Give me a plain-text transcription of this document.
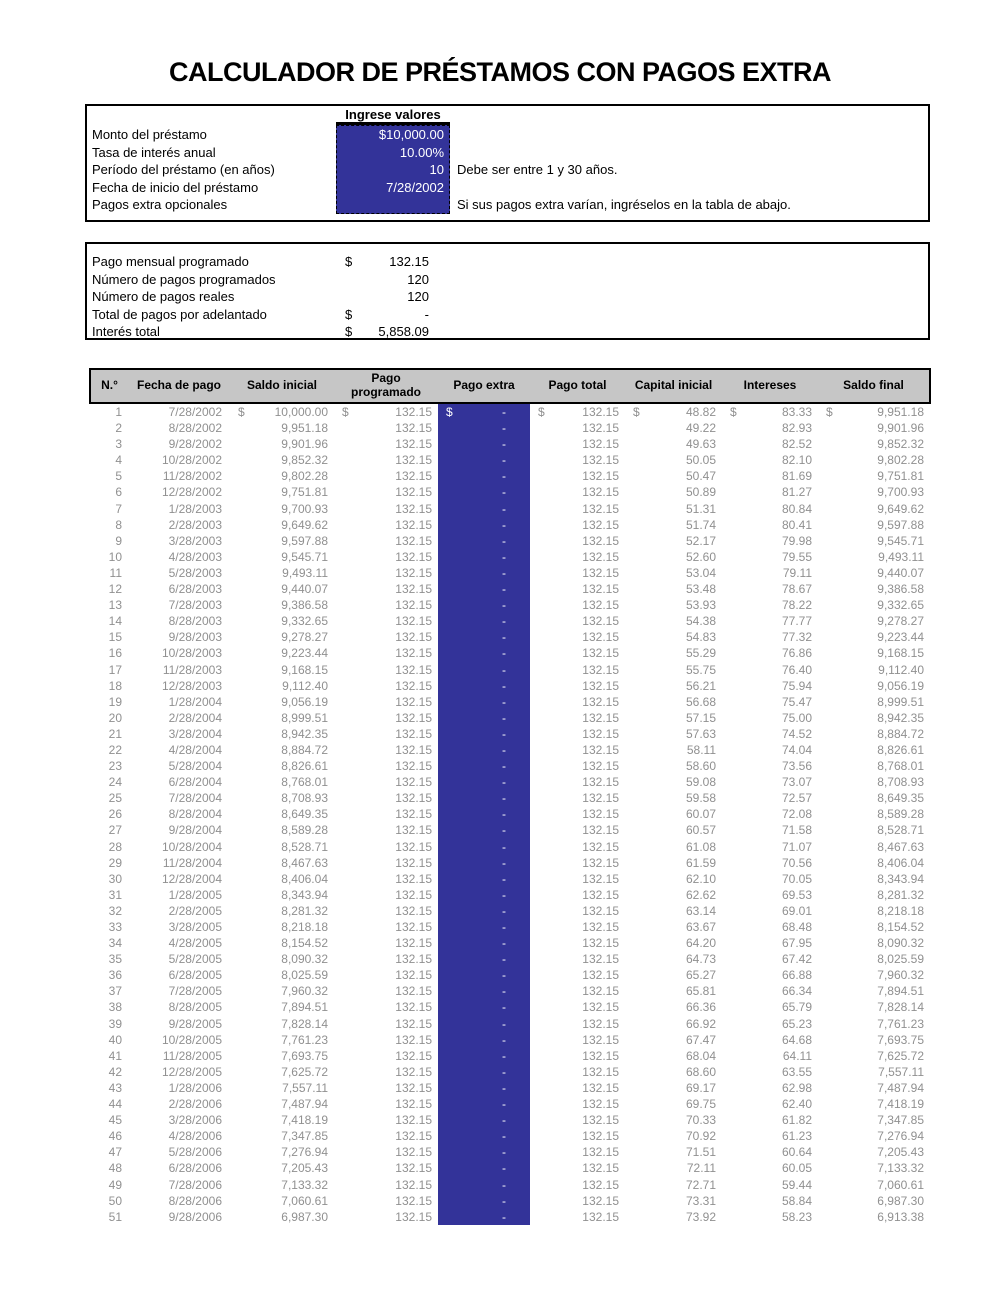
CALCULADOR DE PRÉSTAMOS CON PAGOS EXTRA
Ingrese valores
Monto del préstamo	$10,000.00
Tasa de interés anual	10.00%
Período del préstamo (en años)	10 Debe ser entre 1 y 30 años.
Fecha de inicio del préstamo	7/28/2002
Pagos extra opcionales	Si sus pagos extra varían, ingréselos en la tabla de abajo.
Pago mensual programado	$	132.15
Número de pagos programados	120
Número de pagos reales	120
Total de pagos por adelantado	$	-
Interés total	$	5,858.09
N.°	Fecha de pago	Saldo inicial	Pago programado	Pago extra	Pago total	Capital inicial	Intereses	Saldo final
1	7/28/2002	$ 10,000.00	$ 132.15	$ -	$ 132.15	$ 48.82	$ 83.33	$ 9,951.18
2	8/28/2002	9,951.18	132.15	-	132.15	49.22	82.93	9,901.96
3	9/28/2002	9,901.96	132.15	-	132.15	49.63	82.52	9,852.32
4	10/28/2002	9,852.32	132.15	-	132.15	50.05	82.10	9,802.28
5	11/28/2002	9,802.28	132.15	-	132.15	50.47	81.69	9,751.81
6	12/28/2002	9,751.81	132.15	-	132.15	50.89	81.27	9,700.93
7	1/28/2003	9,700.93	132.15	-	132.15	51.31	80.84	9,649.62
8	2/28/2003	9,649.62	132.15	-	132.15	51.74	80.41	9,597.88
9	3/28/2003	9,597.88	132.15	-	132.15	52.17	79.98	9,545.71
10	4/28/2003	9,545.71	132.15	-	132.15	52.60	79.55	9,493.11
11	5/28/2003	9,493.11	132.15	-	132.15	53.04	79.11	9,440.07
12	6/28/2003	9,440.07	132.15	-	132.15	53.48	78.67	9,386.58
13	7/28/2003	9,386.58	132.15	-	132.15	53.93	78.22	9,332.65
14	8/28/2003	9,332.65	132.15	-	132.15	54.38	77.77	9,278.27
15	9/28/2003	9,278.27	132.15	-	132.15	54.83	77.32	9,223.44
16	10/28/2003	9,223.44	132.15	-	132.15	55.29	76.86	9,168.15
17	11/28/2003	9,168.15	132.15	-	132.15	55.75	76.40	9,112.40
18	12/28/2003	9,112.40	132.15	-	132.15	56.21	75.94	9,056.19
19	1/28/2004	9,056.19	132.15	-	132.15	56.68	75.47	8,999.51
20	2/28/2004	8,999.51	132.15	-	132.15	57.15	75.00	8,942.35
21	3/28/2004	8,942.35	132.15	-	132.15	57.63	74.52	8,884.72
22	4/28/2004	8,884.72	132.15	-	132.15	58.11	74.04	8,826.61
23	5/28/2004	8,826.61	132.15	-	132.15	58.60	73.56	8,768.01
24	6/28/2004	8,768.01	132.15	-	132.15	59.08	73.07	8,708.93
25	7/28/2004	8,708.93	132.15	-	132.15	59.58	72.57	8,649.35
26	8/28/2004	8,649.35	132.15	-	132.15	60.07	72.08	8,589.28
27	9/28/2004	8,589.28	132.15	-	132.15	60.57	71.58	8,528.71
28	10/28/2004	8,528.71	132.15	-	132.15	61.08	71.07	8,467.63
29	11/28/2004	8,467.63	132.15	-	132.15	61.59	70.56	8,406.04
30	12/28/2004	8,406.04	132.15	-	132.15	62.10	70.05	8,343.94
31	1/28/2005	8,343.94	132.15	-	132.15	62.62	69.53	8,281.32
32	2/28/2005	8,281.32	132.15	-	132.15	63.14	69.01	8,218.18
33	3/28/2005	8,218.18	132.15	-	132.15	63.67	68.48	8,154.52
34	4/28/2005	8,154.52	132.15	-	132.15	64.20	67.95	8,090.32
35	5/28/2005	8,090.32	132.15	-	132.15	64.73	67.42	8,025.59
36	6/28/2005	8,025.59	132.15	-	132.15	65.27	66.88	7,960.32
37	7/28/2005	7,960.32	132.15	-	132.15	65.81	66.34	7,894.51
38	8/28/2005	7,894.51	132.15	-	132.15	66.36	65.79	7,828.14
39	9/28/2005	7,828.14	132.15	-	132.15	66.92	65.23	7,761.23
40	10/28/2005	7,761.23	132.15	-	132.15	67.47	64.68	7,693.75
41	11/28/2005	7,693.75	132.15	-	132.15	68.04	64.11	7,625.72
42	12/28/2005	7,625.72	132.15	-	132.15	68.60	63.55	7,557.11
43	1/28/2006	7,557.11	132.15	-	132.15	69.17	62.98	7,487.94
44	2/28/2006	7,487.94	132.15	-	132.15	69.75	62.40	7,418.19
45	3/28/2006	7,418.19	132.15	-	132.15	70.33	61.82	7,347.85
46	4/28/2006	7,347.85	132.15	-	132.15	70.92	61.23	7,276.94
47	5/28/2006	7,276.94	132.15	-	132.15	71.51	60.64	7,205.43
48	6/28/2006	7,205.43	132.15	-	132.15	72.11	60.05	7,133.32
49	7/28/2006	7,133.32	132.15	-	132.15	72.71	59.44	7,060.61
50	8/28/2006	7,060.61	132.15	-	132.15	73.31	58.84	6,987.30
51	9/28/2006	6,987.30	132.15	-	132.15	73.92	58.23	6,913.38
